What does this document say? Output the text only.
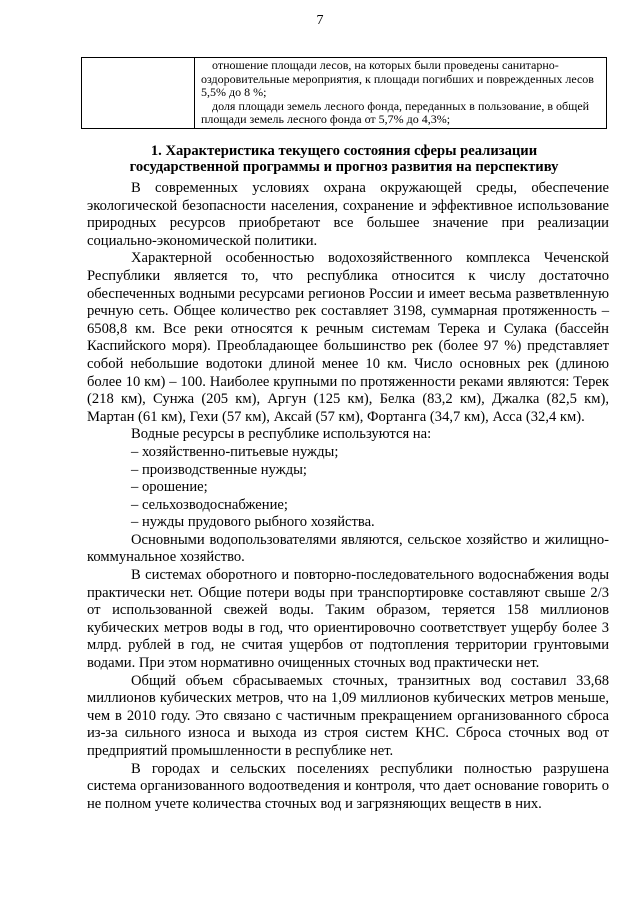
7

отношение площади лесов, на которых были проведены санитарно-оздоровительные мероприятия, к площади погибших и поврежденных лесов 5,5% до 8 %;
доля площади земель лесного фонда, переданных в пользование, в общей площади земель лесного фонда от 5,7% до 4,3%;
1. Характеристика текущего состояния сферы реализации
государственной программы и прогноз развития на перспективу

В современных условиях охрана окружающей среды, обеспечение экологической безопасности населения, сохранение и эффективное использование природных ресурсов приобретают все большее значение при реализации социально-экономической политики.

Характерной особенностью водохозяйственного комплекса Чеченской Республики является то, что республика относится к числу достаточно обеспеченных водными ресурсами регионов России и имеет весьма разветвленную речную сеть. Общее количество рек составляет 3198, суммарная протяженность – 6508,8 км. Все реки относятся к речным системам Терека и Сулака (бассейн Каспийского моря). Преобладающее большинство рек (более 97 %) представляет собой небольшие водотоки длиной менее 10 км. Число основных рек (длиною более 10 км) – 100. Наиболее крупными по протяженности реками являются: Терек (218 км), Сунжа (205 км), Аргун (125 км), Белка (83,2 км), Джалка (82,5 км), Мартан (61 км), Гехи (57 км), Аксай (57 км), Фортанга (34,7 км), Асса (32,4 км).

Водные ресурсы в республике используются на:

– хозяйственно-питьевые нужды;

– производственные нужды;

– орошение;

– сельхозводоснабжение;

– нужды прудового рыбного хозяйства.

Основными водопользователями являются, сельское хозяйство и жилищно-коммунальное хозяйство.

В системах оборотного и повторно-последовательного водоснабжения воды практически нет. Общие потери воды при транспортировке составляют свыше 2/3 от использованной свежей воды. Таким образом, теряется 158 миллионов кубических метров воды в год, что ориентировочно соответствует ущербу более 3 млрд. рублей в год, не считая ущербов от подтопления территории грунтовыми водами. При этом нормативно очищенных сточных вод практически нет.

Общий объем сбрасываемых сточных, транзитных вод составил 33,68 миллионов кубических метров, что на 1,09 миллионов кубических метров меньше, чем в 2010 году. Это связано с частичным прекращением организованного сброса из-за сильного износа и выхода из строя систем КНС. Сброса сточных вод от предприятий промышленности в республике нет.

В городах и сельских поселениях республики полностью разрушена система организованного водоотведения и контроля, что дает основание говорить о не полном учете количества сточных вод и загрязняющих веществ в них.
